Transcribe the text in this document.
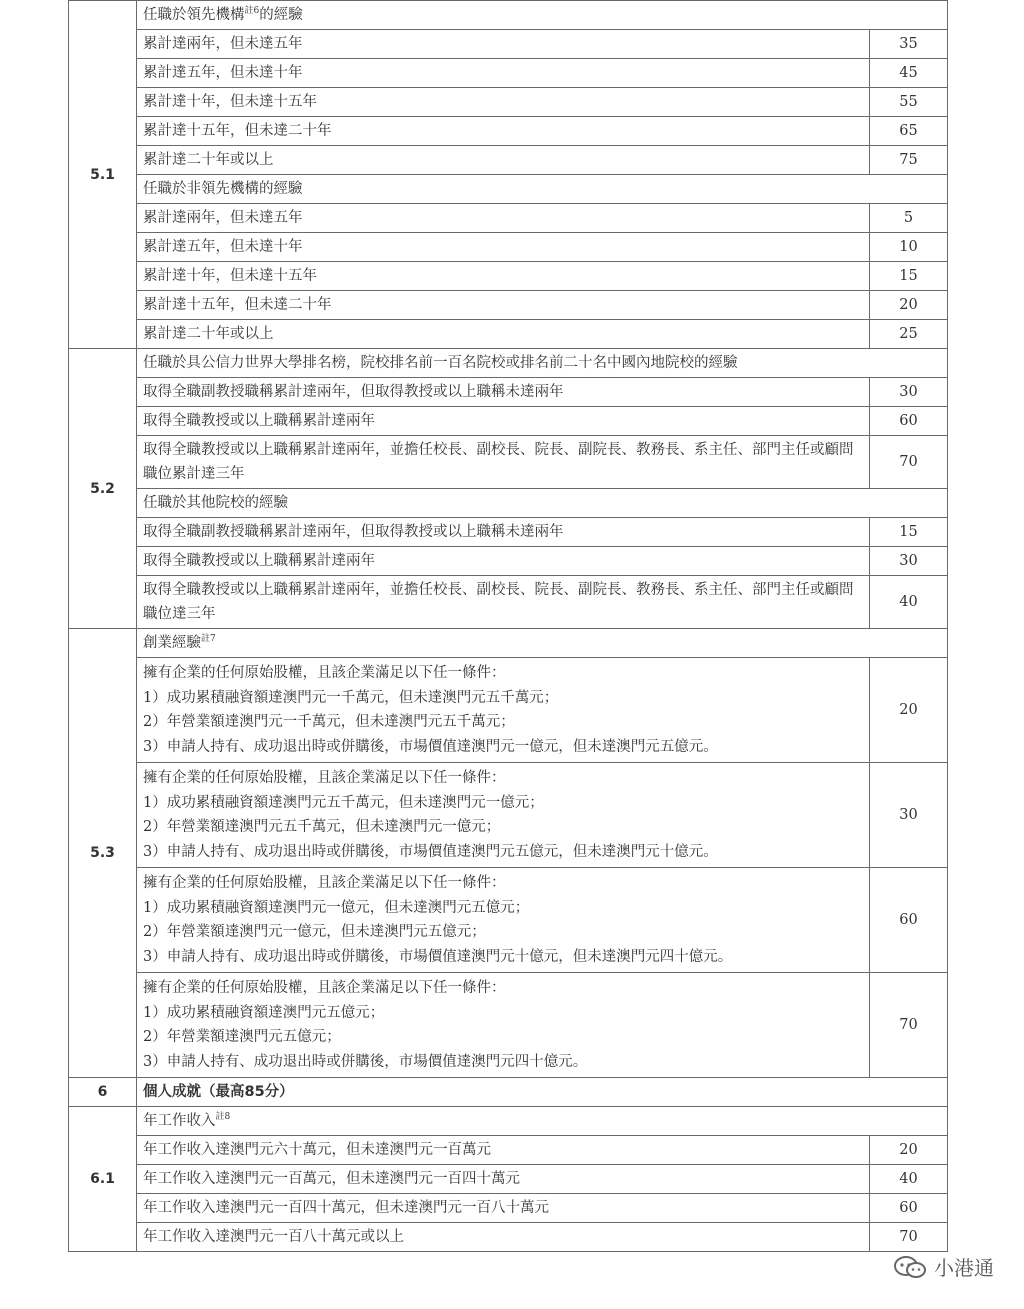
5.1	任職於領先機構$^{註6}$的經驗	
	累計達兩年，但未達五年	35
	累計達五年，但未達十年	45
	累計達十年，但未達十五年	55
	累計達十五年，但未達二十年	65
	累計達二十年或以上	75
	任職於非領先機構的經驗	
	累計達兩年，但未達五年	5
	累計達五年，但未達十年	10
	累計達十年，但未達十五年	15
	累計達十五年，但未達二十年	20
	累計達二十年或以上	25
5.2	任職於具公信力世界大學排名榜，院校排名前一百名院校或排名前二十名中國內地院校的經驗	
	取得全職副教授職稱累計達兩年，但取得教授或以上職稱未達兩年	30
	取得全職教授或以上職稱累計達兩年	60
	取得全職教授或以上職稱累計達兩年，並擔任校長、副校長、院長、副院長、教務長、系主任、部門主任或顧問職位累計達三年	70
	任職於其他院校的經驗	
	取得全職副教授職稱累計達兩年，但取得教授或以上職稱未達兩年	15
	取得全職教授或以上職稱累計達兩年	30
	取得全職教授或以上職稱累計達兩年，並擔任校長、副校長、院長、副院長、教務長、系主任、部門主任或顧問職位達三年	40
5.3	創業經驗$^{註7}$

	擁有企業的任何原始股權，且該企業滿足以下任一條件：
1）成功累積融資額達澳門元一千萬元，但未達澳門元五千萬元；
2）年營業額達澳門元一千萬元，但未達澳門元五千萬元；
3）申請人持有、成功退出時或併購後，市場價值達澳門元一億元，但未達澳門元五億元。	20

	擁有企業的任何原始股權，且該企業滿足以下任一條件：
1）成功累積融資額達澳門元五千萬元，但未達澳門元一億元；
2）年營業額達澳門元五千萬元，但未達澳門元一億元；
3）申請人持有、成功退出時或併購後，市場價值達澳門元五億元，但未達澳門元十億元。	30

	擁有企業的任何原始股權，且該企業滿足以下任一條件：
1）成功累積融資額達澳門元一億元，但未達澳門元五億元；
2）年營業額達澳門元一億元，但未達澳門元五億元；
3）申請人持有、成功退出時或併購後，市場價值達澳門元十億元，但未達澳門元四十億元。	60

	擁有企業的任何原始股權，且該企業滿足以下任一條件：
1）成功累積融資額達澳門元五億元；
2）年營業額達澳門元五億元；
3）申請人持有、成功退出時或併購後，市場價值達澳門元四十億元。	70
6	個人成就（最高85分）	
6.1	年工作收入$^{註8}$
	年工作收入達澳門元六十萬元，但未達澳門元一百萬元	20
	年工作收入達澳門元一百萬元，但未達澳門元一百四十萬元	40
	年工作收入達澳門元一百四十萬元，但未達澳門元一百八十萬元	60
	年工作收入達澳門元一百八十萬元或以上	70
小港通
